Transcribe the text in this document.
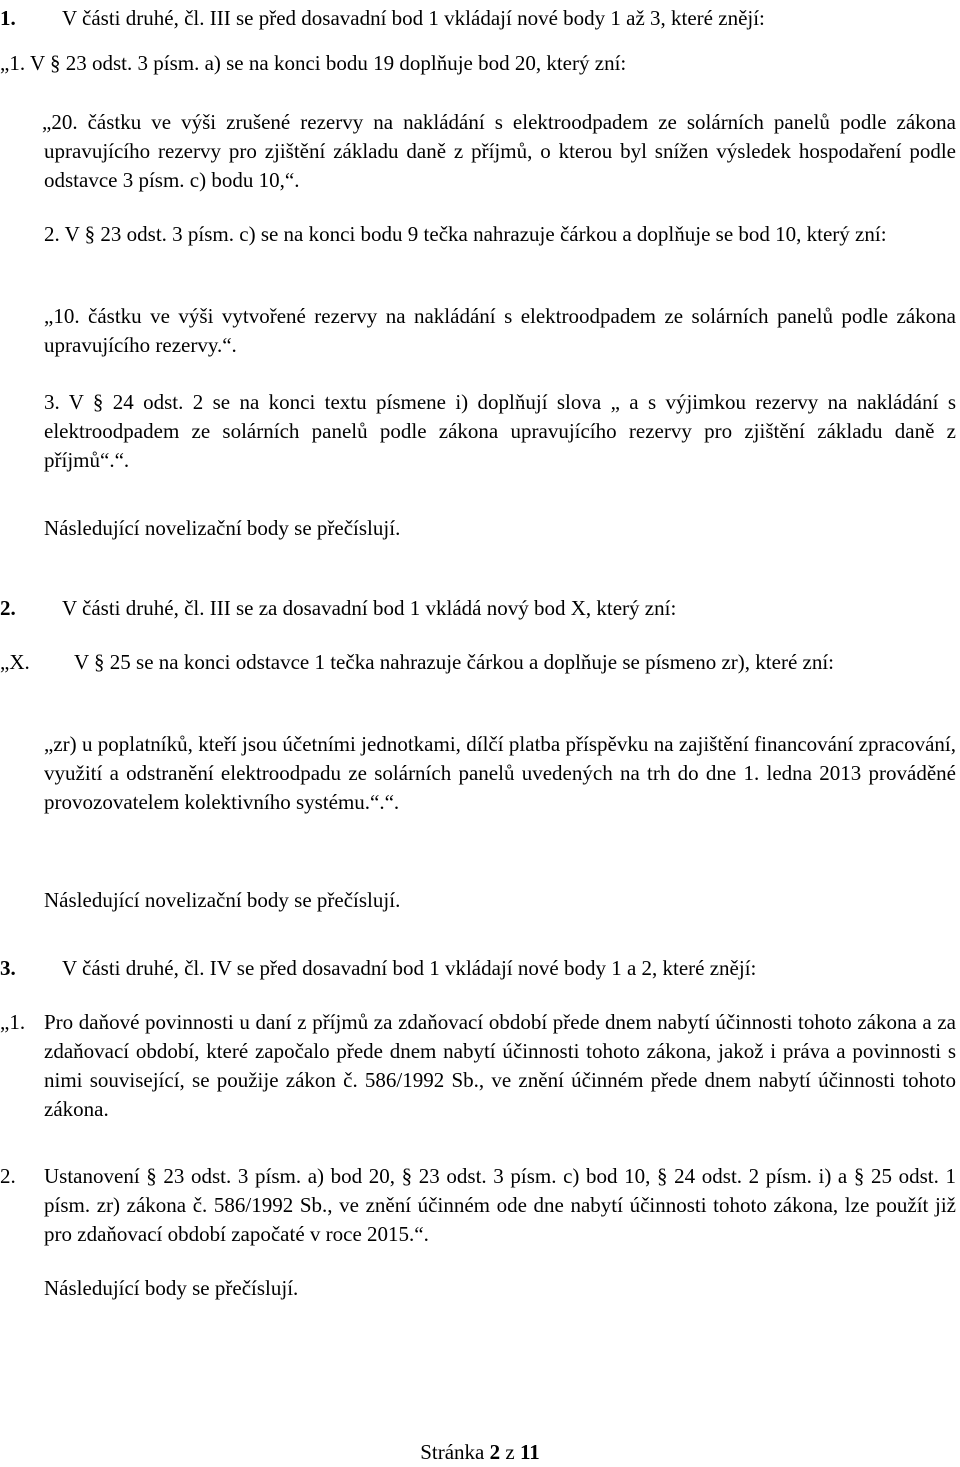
1. V části druhé, čl. III se před dosavadní bod 1 vkládají nové body 1 až 3, které znějí:
„1. V § 23 odst. 3 písm. a) se na konci bodu 19 doplňuje bod 20, který zní:
„20. částku ve výši zrušené rezervy na nakládání s elektroodpadem ze solárních panelů podle zákona upravujícího rezervy pro zjištění základu daně z příjmů, o kterou byl snížen výsledek hospodaření podle odstavce 3 písm. c) bodu 10,“.
2. V § 23 odst. 3 písm. c) se na konci bodu 9 tečka nahrazuje čárkou a doplňuje se bod 10, který zní:
„10. částku ve výši vytvořené rezervy na nakládání s elektroodpadem ze solárních panelů podle zákona upravujícího rezervy.“.
3. V § 24 odst. 2 se na konci textu písmene i) doplňují slova „ a s výjimkou rezervy na nakládání s elektroodpadem ze solárních panelů podle zákona upravujícího rezervy pro zjištění základu daně z příjmů“.“.
Následující novelizační body se přečíslují.
2. V části druhé, čl. III se za dosavadní bod 1 vkládá nový bod X, který zní:
„X.	V § 25 se na konci odstavce 1 tečka nahrazuje čárkou a doplňuje se písmeno zr), které zní:
„zr) u poplatníků, kteří jsou účetními jednotkami, dílčí platba příspěvku na zajištění financování zpracování, využití a odstranění elektroodpadu ze solárních panelů uvedených na trh do dne 1. ledna 2013 prováděné provozovatelem kolektivního systému.“.“.
Následující novelizační body se přečíslují.
3. V části druhé, čl. IV se před dosavadní bod 1 vkládají nové body 1 a 2, které znějí:
„1. Pro daňové povinnosti u daní z příjmů za zdaňovací období přede dnem nabytí účinnosti tohoto zákona a za zdaňovací období, které započalo přede dnem nabytí účinnosti tohoto zákona, jakož i práva a povinnosti s nimi související, se použije zákon č. 586/1992 Sb., ve znění účinném přede dnem nabytí účinnosti tohoto zákona.
2. Ustanovení § 23 odst. 3 písm. a) bod 20, § 23 odst. 3 písm. c) bod 10, § 24 odst. 2 písm. i) a § 25 odst. 1 písm. zr) zákona č. 586/1992 Sb., ve znění účinném ode dne nabytí účinnosti tohoto zákona, lze použít již pro zdaňovací období započaté v roce 2015.“.
Následující body se přečíslují.
Stránka 2 z 11
